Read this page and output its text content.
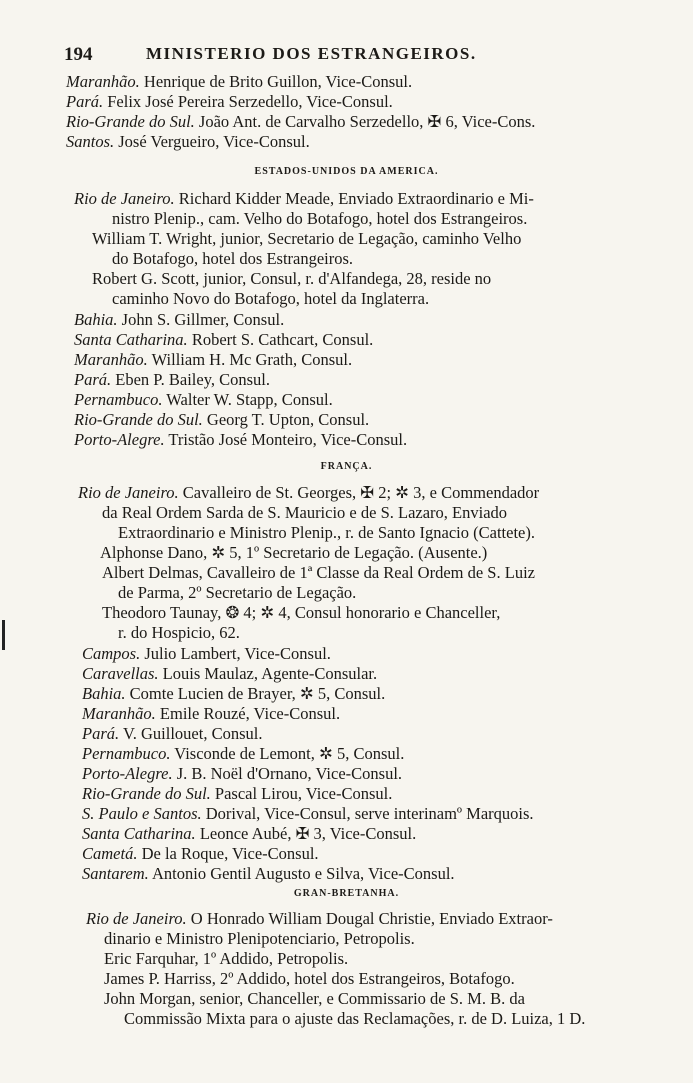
194	MINISTERIO DOS ESTRANGEIROS.
Maranhão. Henrique de Brito Guillon, Vice-Consul.
Pará. Felix José Pereira Serzedello, Vice-Consul.
Rio-Grande do Sul. João Ant. de Carvalho Serzedello, ✠ 6, Vice-Cons.
Santos. José Vergueiro, Vice-Consul.
ESTADOS-UNIDOS DA AMERICA.
Rio de Janeiro. Richard Kidder Meade, Enviado Extraordinario e Mi-
nistro Plenip., cam. Velho do Botafogo, hotel dos Estrangeiros.
William T. Wright, junior, Secretario de Legação, caminho Velho
do Botafogo, hotel dos Estrangeiros.
Robert G. Scott, junior, Consul, r. d'Alfandega, 28, reside no
caminho Novo do Botafogo, hotel da Inglaterra.
Bahia. John S. Gillmer, Consul.
Santa Catharina. Robert S. Cathcart, Consul.
Maranhão. William H. Mc Grath, Consul.
Pará. Eben P. Bailey, Consul.
Pernambuco. Walter W. Stapp, Consul.
Rio-Grande do Sul. Georg T. Upton, Consul.
Porto-Alegre. Tristão José Monteiro, Vice-Consul.
FRANÇA.
Rio de Janeiro. Cavalleiro de St. Georges, ✠ 2; ✲ 3, e Commendador
da Real Ordem Sarda de S. Mauricio e de S. Lazaro, Enviado
Extraordinario e Ministro Plenip., r. de Santo Ignacio (Cattete).
Alphonse Dano, ✲ 5, 1º Secretario de Legação. (Ausente.)
Albert Delmas, Cavalleiro de 1ª Classe da Real Ordem de S. Luiz
de Parma, 2º Secretario de Legação.
Theodoro Taunay, ❂ 4; ✲ 4, Consul honorario e Chanceller,
r. do Hospicio, 62.
Campos. Julio Lambert, Vice-Consul.
Caravellas. Louis Maulaz, Agente-Consular.
Bahia. Comte Lucien de Brayer, ✲ 5, Consul.
Maranhão. Emile Rouzé, Vice-Consul.
Pará. V. Guillouet, Consul.
Pernambuco. Visconde de Lemont, ✲ 5, Consul.
Porto-Alegre. J. B. Noël d'Ornano, Vice-Consul.
Rio-Grande do Sul. Pascal Lirou, Vice-Consul.
S. Paulo e Santos. Dorival, Vice-Consul, serve interinamº Marquois.
Santa Catharina. Leonce Aubé, ✠ 3, Vice-Consul.
Cametá. De la Roque, Vice-Consul.
Santarem. Antonio Gentil Augusto e Silva, Vice-Consul.
GRAN-BRETANHA.
Rio de Janeiro. O Honrado William Dougal Christie, Enviado Extraor-
dinario e Ministro Plenipotenciario, Petropolis.
Eric Farquhar, 1º Addido, Petropolis.
James P. Harriss, 2º Addido, hotel dos Estrangeiros, Botafogo.
John Morgan, senior, Chanceller, e Commissario de S. M. B. da
Commissão Mixta para o ajuste das Reclamações, r. de D. Luiza, 1 D.
